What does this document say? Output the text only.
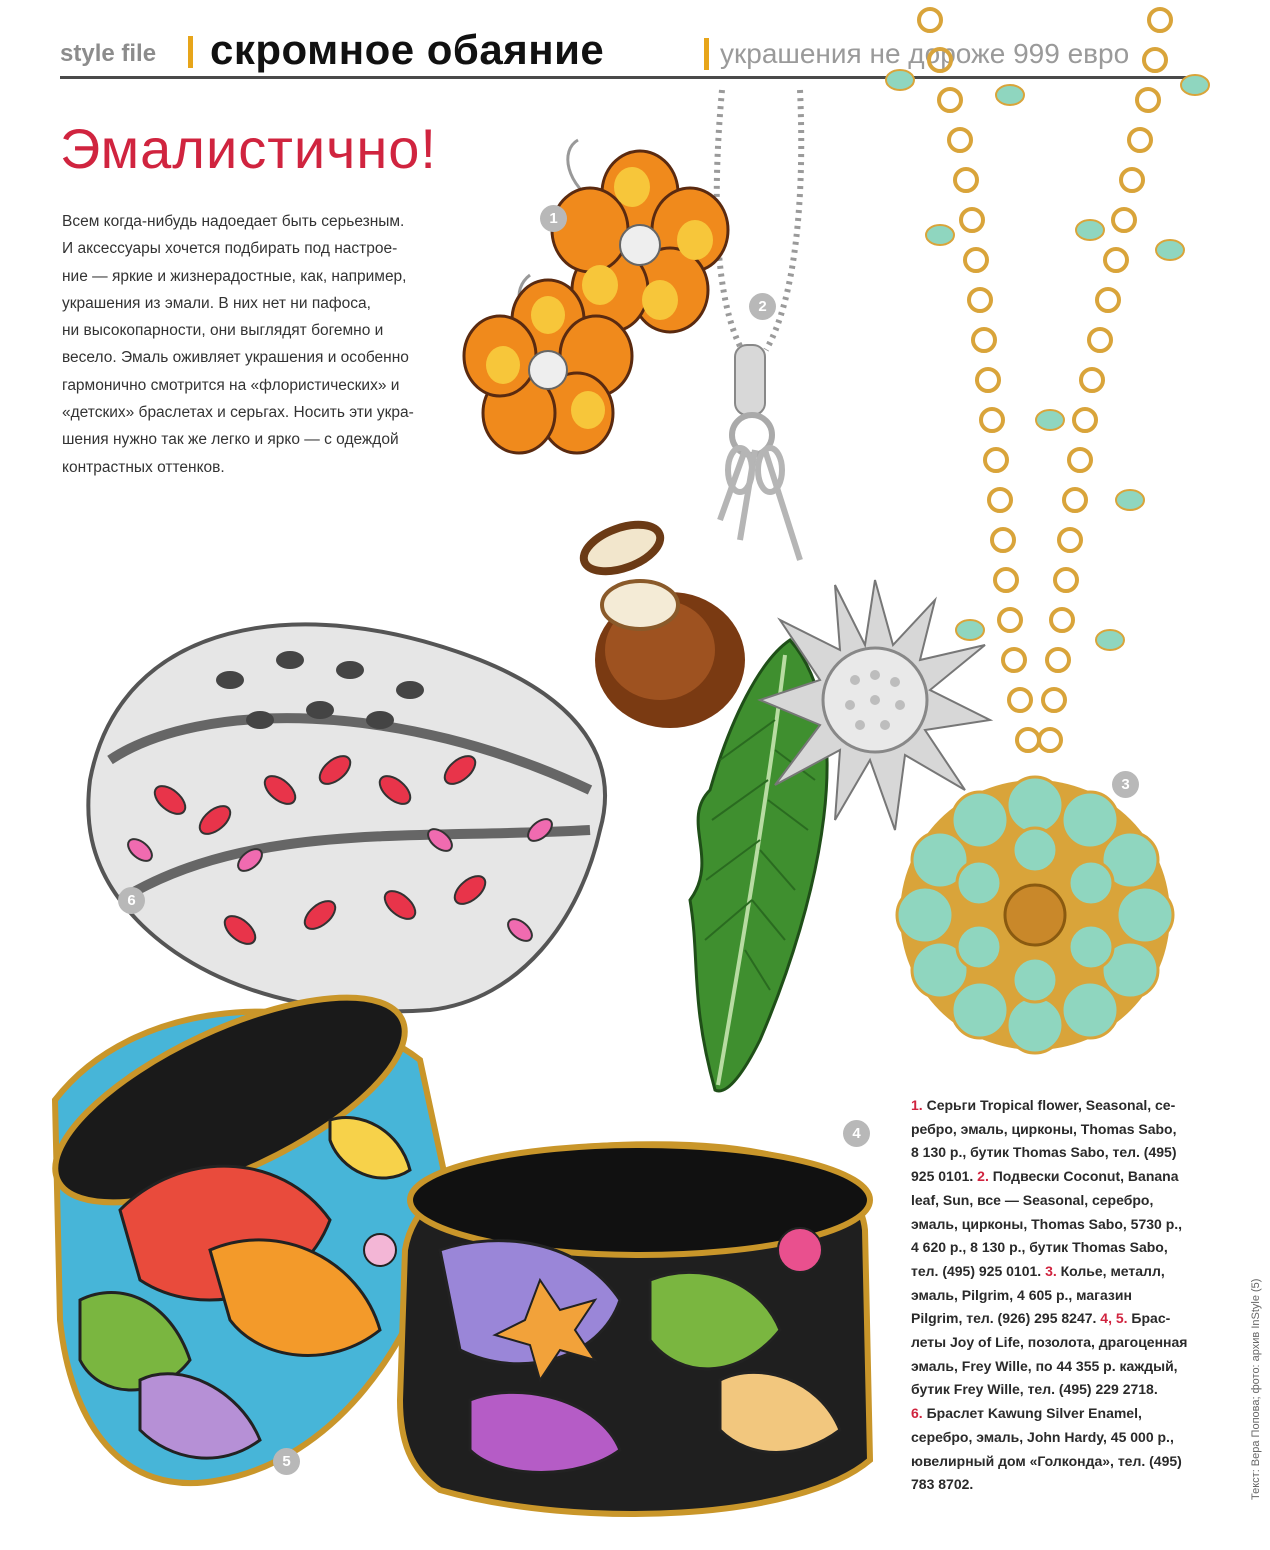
style file скромное обаяние	украшения не дороже 999 евро
Эмалистично!
Всем когда-нибудь надоедает быть серьезным.
И аксессуары хочется подбирать под настрое-
ние — яркие и жизнерадостные, как, например,
украшения из эмали. В них нет ни пафоса,
ни высокопарности, они выглядят богемно и
весело. Эмаль оживляет украшения и особенно
гармонично смотрится на «флористических» и
«детских» браслетах и серьгах. Носить эти укра-
шения нужно так же легко и ярко — с одеждой
контрастных оттенков.
1
2
3
4
5
6
1. Серьги Tropical flower, Seasonal, се-
ребро, эмаль, цирконы, Thomas Sabo,
8 130 р., бутик Thomas Sabo, тел. (495)
925 0101. 2. Подвески Coconut, Banana
leaf, Sun, все — Seasonal, серебро,
эмаль, цирконы, Thomas Sabo, 5730 р.,
4 620 р., 8 130 р., бутик Thomas Sabo,
тел. (495) 925 0101. 3. Колье, металл,
эмаль, Pilgrim, 4 605 р., магазин
Pilgrim, тел. (926) 295 8247. 4, 5. Брас-
леты Joy of Life, позолота, драгоценная
эмаль, Frey Wille, по 44 355 р. каждый,
бутик Frey Wille, тел. (495) 229 2718.
6. Браслет Kawung Silver Enamel,
серебро, эмаль, John Hardy, 45 000 р.,
ювелирный дом «Голконда», тел. (495)
783 8702.	Текст: Вера Попова; фото: архив InStyle (5)
